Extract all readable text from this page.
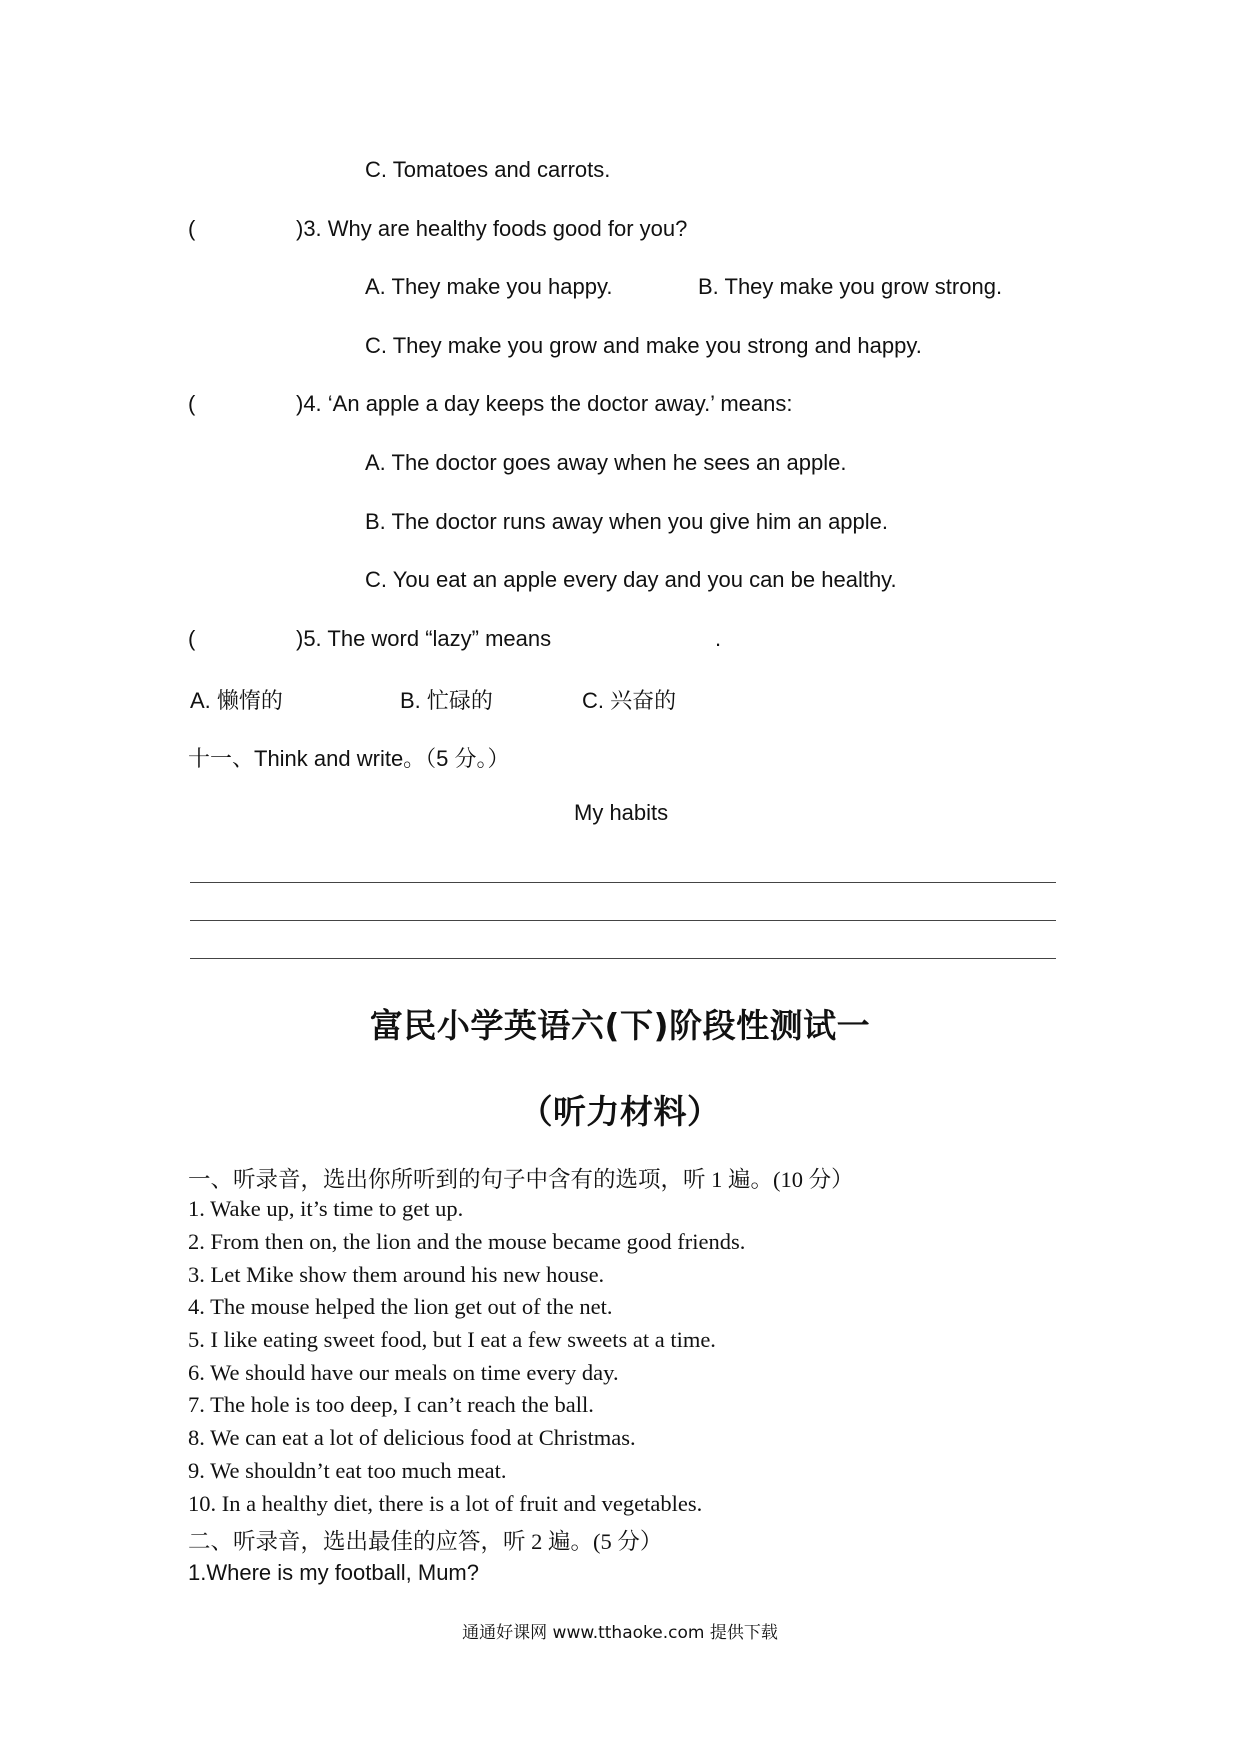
C. Tomatoes and carrots.
(	)3. Why are healthy foods good for you?
A. They make you happy.	B. They make you grow strong.
C. They make you grow and make you strong and happy.
(	)4. ‘An apple a day keeps the doctor away.’ means:
A. The doctor goes away when he sees an apple.
B. The doctor runs away when you give him an apple.
C. You eat an apple every day and you can be healthy.
(	)5. The word “lazy” means	.
A. 懒惰的	B. 忙碌的	C. 兴奋的
十一、Think and write。（5 分。）
My habits
富民小学英语六(下)阶段性测试一
（听力材料）
一、听录音，选出你所听到的句子中含有的选项，听 1 遍。(10 分）
1. Wake up, it’s time to get up.
2. From then on, the lion and the mouse became good friends.
3. Let Mike show them around his new house.
4. The mouse helped the lion get out of the net.
5. I like eating sweet food, but I eat a few sweets at a time.
6. We should have our meals on time every day.
7. The hole is too deep, I can’t reach the ball.
8. We can eat a lot of delicious food at Christmas.
9. We shouldn’t eat too much meat.
10. In a healthy diet, there is a lot of fruit and vegetables.
二、听录音，选出最佳的应答，听 2 遍。(5 分）
1.Where is my football, Mum?
通通好课网 www.tthaoke.com 提供下载
